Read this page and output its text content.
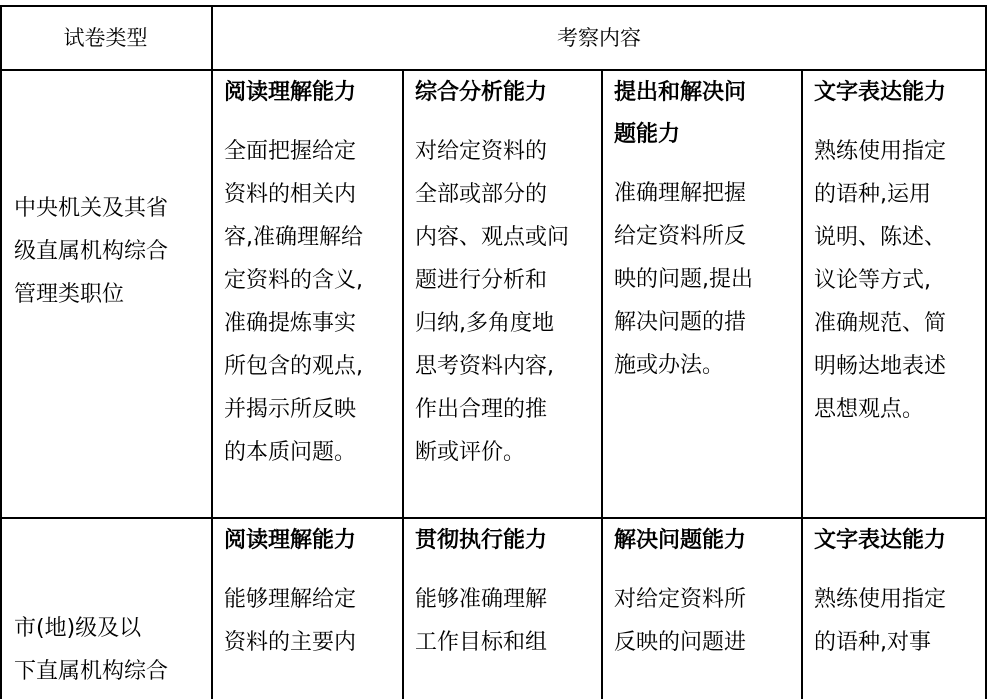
试卷类型	考察内容
中央机关及其省
级直属机构综合
管理类职位
阅读理解能力
全面把握给定
资料的相关内
容,准确理解给
定资料的含义,
准确提炼事实
所包含的观点,
并揭示所反映
的本质问题。
综合分析能力
对给定资料的
全部或部分的
内容、观点或问
题进行分析和
归纳,多角度地
思考资料内容,
作出合理的推
断或评价。
提出和解决问
题能力
准确理解把握
给定资料所反
映的问题,提出
解决问题的措
施或办法。
文字表达能力
熟练使用指定
的语种,运用
说明、陈述、
议论等方式,
准确规范、简
明畅达地表述
思想观点。
市(地)级及以
下直属机构综合
阅读理解能力
能够理解给定
资料的主要内
贯彻执行能力
能够准确理解
工作目标和组
解决问题能力
对给定资料所
反映的问题进
文字表达能力
熟练使用指定
的语种,对事
